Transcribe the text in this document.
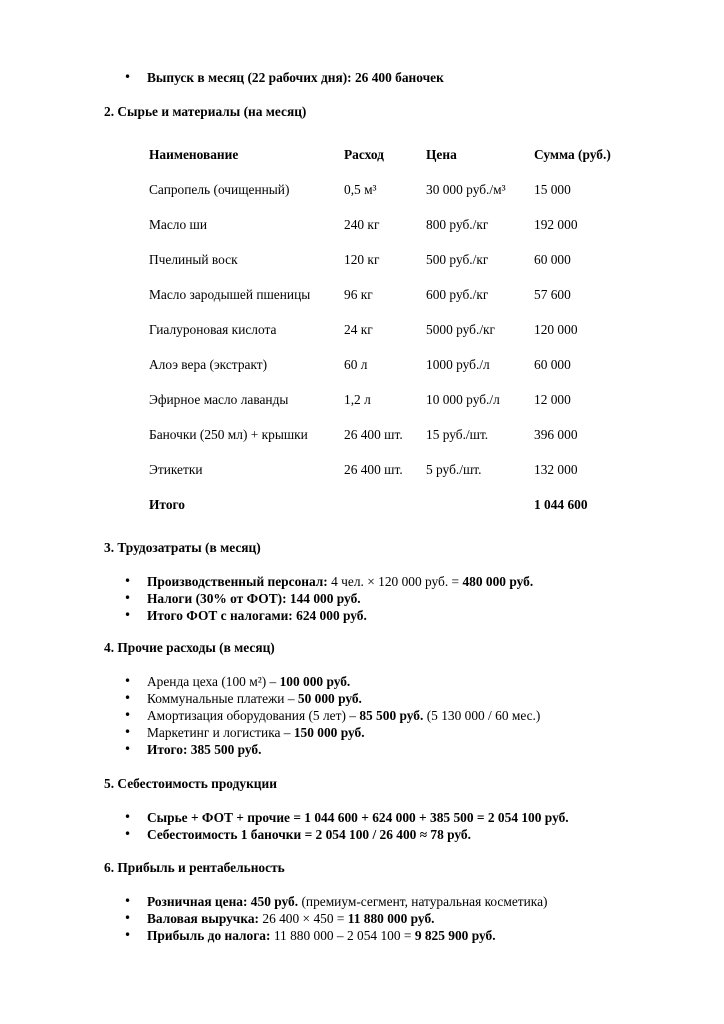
• Выпуск в месяц (22 рабочих дня): 26 400 баночек
2. Сырье и материалы (на месяц)
Наименование	Расход	Цена	Сумма (руб.)
Сапропель (очищенный)	0,5 м³	30 000 руб./м³	15 000
Масло ши	240 кг	800 руб./кг	192 000
Пчелиный воск	120 кг	500 руб./кг	60 000
Масло зародышей пшеницы	96 кг	600 руб./кг	57 600
Гиалуроновая кислота	24 кг	5000 руб./кг	120 000
Алоэ вера (экстракт)	60 л	1000 руб./л	60 000
Эфирное масло лаванды	1,2 л	10 000 руб./л	12 000
Баночки (250 мл) + крышки	26 400 шт.	15 руб./шт.	396 000
Этикетки	26 400 шт.	5 руб./шт.	132 000
Итого			1 044 600
3. Трудозатраты (в месяц)
• Производственный персонал: 4 чел. × 120 000 руб. = 480 000 руб.
• Налоги (30% от ФОТ): 144 000 руб.
• Итого ФОТ с налогами: 624 000 руб.
4. Прочие расходы (в месяц)
• Аренда цеха (100 м²) – 100 000 руб.
• Коммунальные платежи – 50 000 руб.
• Амортизация оборудования (5 лет) – 85 500 руб. (5 130 000 / 60 мес.)
• Маркетинг и логистика – 150 000 руб.
• Итого: 385 500 руб.
5. Себестоимость продукции
• Сырье + ФОТ + прочие = 1 044 600 + 624 000 + 385 500 = 2 054 100 руб.
• Себестоимость 1 баночки = 2 054 100 / 26 400 ≈ 78 руб.
6. Прибыль и рентабельность
• Розничная цена: 450 руб. (премиум-сегмент, натуральная косметика)
• Валовая выручка: 26 400 × 450 = 11 880 000 руб.
• Прибыль до налога: 11 880 000 – 2 054 100 = 9 825 900 руб.
